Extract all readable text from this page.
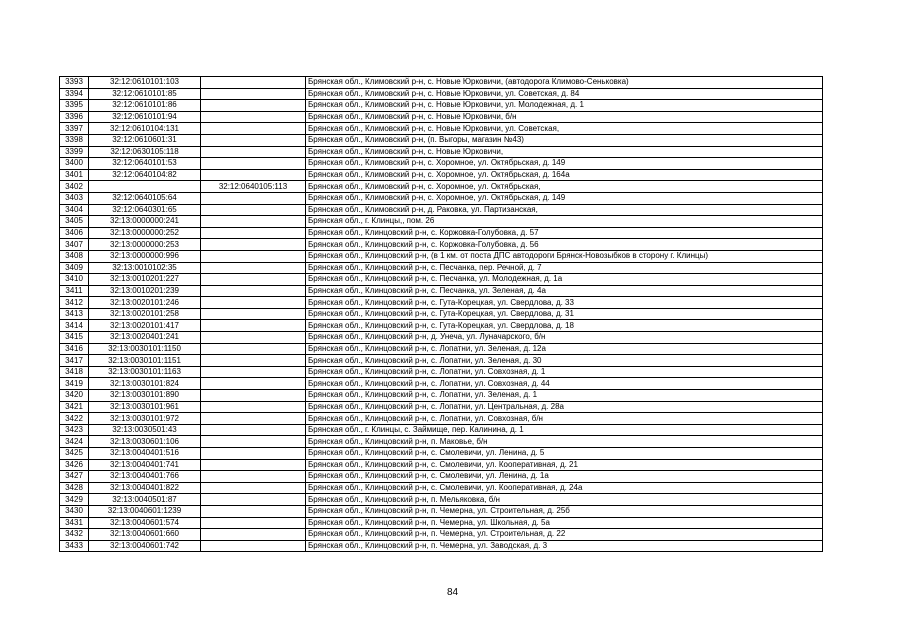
3393	32:12:0610101:103		Брянская обл., Климовский р-н, с. Новые Юрковичи, (автодорога Климово-Сеньковка)
3394	32:12:0610101:85		Брянская обл., Климовский р-н, с. Новые Юрковичи, ул. Советская, д. 84
3395	32:12:0610101:86		Брянская обл., Климовский р-н, с. Новые Юрковичи, ул. Молодежная, д. 1
3396	32:12:0610101:94		Брянская обл., Климовский р-н, с. Новые Юрковичи, б/н
3397	32:12:0610104:131		Брянская обл., Климовский р-н, с. Новые Юрковичи, ул. Советская,
3398	32:12:0610601:31		Брянская обл., Климовский р-н, (п. Выгоры, магазин №43)
3399	32:12:0630105:118		Брянская обл., Климовский р-н, с. Новые Юрковичи,
3400	32:12:0640101:53		Брянская обл., Климовский р-н, с. Хоромное, ул. Октябрьская, д. 149
3401	32:12:0640104:82		Брянская обл., Климовский р-н, с. Хоромное, ул. Октябрьская, д. 164а
3402		32:12:0640105:113	Брянская обл., Климовский р-н, с. Хоромное, ул. Октябрьская,
3403	32:12:0640105:64		Брянская обл., Климовский р-н, с. Хоромное, ул. Октябрьская, д. 149
3404	32:12:0640301:65		Брянская обл., Климовский р-н, д. Раковка, ул. Партизанская,
3405	32:13:0000000:241		Брянская обл., г. Клинцы,, пом. 26
3406	32:13:0000000:252		Брянская обл., Клинцовский р-н, с. Коржовка-Голубовка, д. 57
3407	32:13:0000000:253		Брянская обл., Клинцовский р-н, с. Коржовка-Голубовка, д. 56
3408	32:13:0000000:996		Брянская обл., Клинцовский р-н, (в 1 км. от поста ДПС автодороги Брянск-Новозыбков в сторону г. Клинцы)
3409	32:13:0010102:35		Брянская обл., Клинцовский р-н, с. Песчанка, пер. Речной, д. 7
3410	32:13:0010201:227		Брянская обл., Клинцовский р-н, с. Песчанка, ул. Молодежная, д. 1а
3411	32:13:0010201:239		Брянская обл., Клинцовский р-н, с. Песчанка, ул. Зеленая, д. 4а
3412	32:13:0020101:246		Брянская обл., Клинцовский р-н, с. Гута-Корецкая, ул. Свердлова, д. 33
3413	32:13:0020101:258		Брянская обл., Клинцовский р-н, с. Гута-Корецкая, ул. Свердлова, д. 31
3414	32:13:0020101:417		Брянская обл., Клинцовский р-н, с. Гута-Корецкая, ул. Свердлова, д. 18
3415	32:13:0020401:241		Брянская обл., Клинцовский р-н, д. Унеча, ул. Луначарского, б/н
3416	32:13:0030101:1150		Брянская обл., Клинцовский р-н, с. Лопатни, ул. Зеленая, д. 12а
3417	32:13:0030101:1151		Брянская обл., Клинцовский р-н, с. Лопатни, ул. Зеленая, д. 30
3418	32:13:0030101:1163		Брянская обл., Клинцовский р-н, с. Лопатни, ул. Совхозная, д. 1
3419	32:13:0030101:824		Брянская обл., Клинцовский р-н, с. Лопатни, ул. Совхозная, д. 44
3420	32:13:0030101:890		Брянская обл., Клинцовский р-н, с. Лопатни, ул. Зеленая, д. 1
3421	32:13:0030101:961		Брянская обл., Клинцовский р-н, с. Лопатни, ул. Центральная, д. 28а
3422	32:13:0030101:972		Брянская обл., Клинцовский р-н, с. Лопатни, ул. Совхозная, б/н
3423	32:13:0030501:43		Брянская обл., г. Клинцы, с. Займище, пер. Калинина, д. 1
3424	32:13:0030601:106		Брянская обл., Клинцовский р-н, п. Маковье, б/н
3425	32:13:0040401:516		Брянская обл., Клинцовский р-н, с. Смолевичи, ул. Ленина, д. 5
3426	32:13:0040401:741		Брянская обл., Клинцовский р-н, с. Смолевичи, ул. Кооперативная, д. 21
3427	32:13:0040401:766		Брянская обл., Клинцовский р-н, с. Смолевичи, ул. Ленина, д. 1а
3428	32:13:0040401:822		Брянская обл., Клинцовский р-н, с. Смолевичи, ул. Кооперативная, д. 24а
3429	32:13:0040501:87		Брянская обл., Клинцовский р-н, п. Мельяковка, б/н
3430	32:13:0040601:1239		Брянская обл., Клинцовский р-н, п. Чемерна, ул. Строительная, д. 25б
3431	32:13:0040601:574		Брянская обл., Клинцовский р-н, п. Чемерна, ул. Школьная, д. 5а
3432	32:13:0040601:660		Брянская обл., Клинцовский р-н, п. Чемерна, ул. Строительная, д. 22
3433	32:13:0040601:742		Брянская обл., Клинцовский р-н, п. Чемерна, ул. Заводская, д. 3
84
